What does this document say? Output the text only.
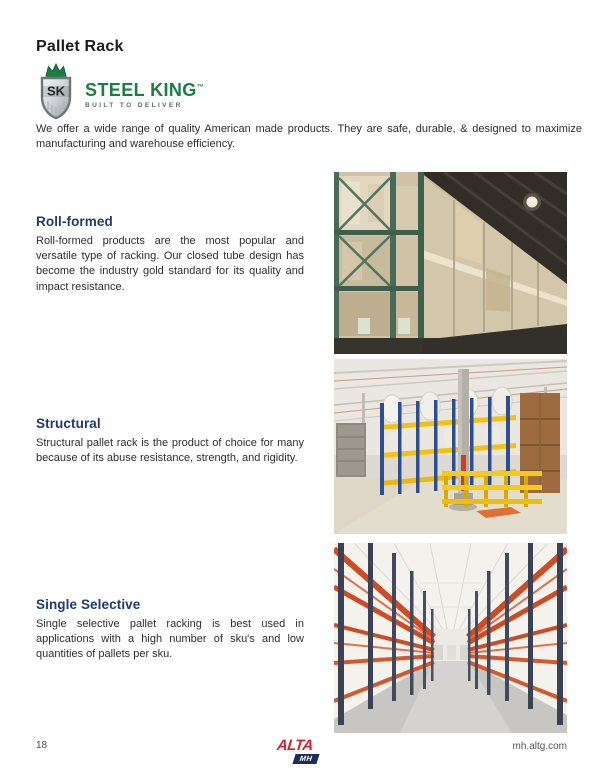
Pallet Rack
SK STEEL KING™
BUILT TO DELIVER

We offer a wide range of quality American made products. They are safe, durable, & designed to maximize manufacturing and warehouse efficiency.

Roll-formed

Roll-formed products are the most popular and versatile type of racking. Our closed tube design has become the industry gold standard for its quality and impact resistance.

Structural

Structural pallet rack is the product of choice for many because of its abuse resistance, strength, and rigidity.

Single Selective

Single selective pallet racking is best used in applications with a high number of sku's and low quantities of pallets per sku.

18	ALTA
MH
mh.altg.com
